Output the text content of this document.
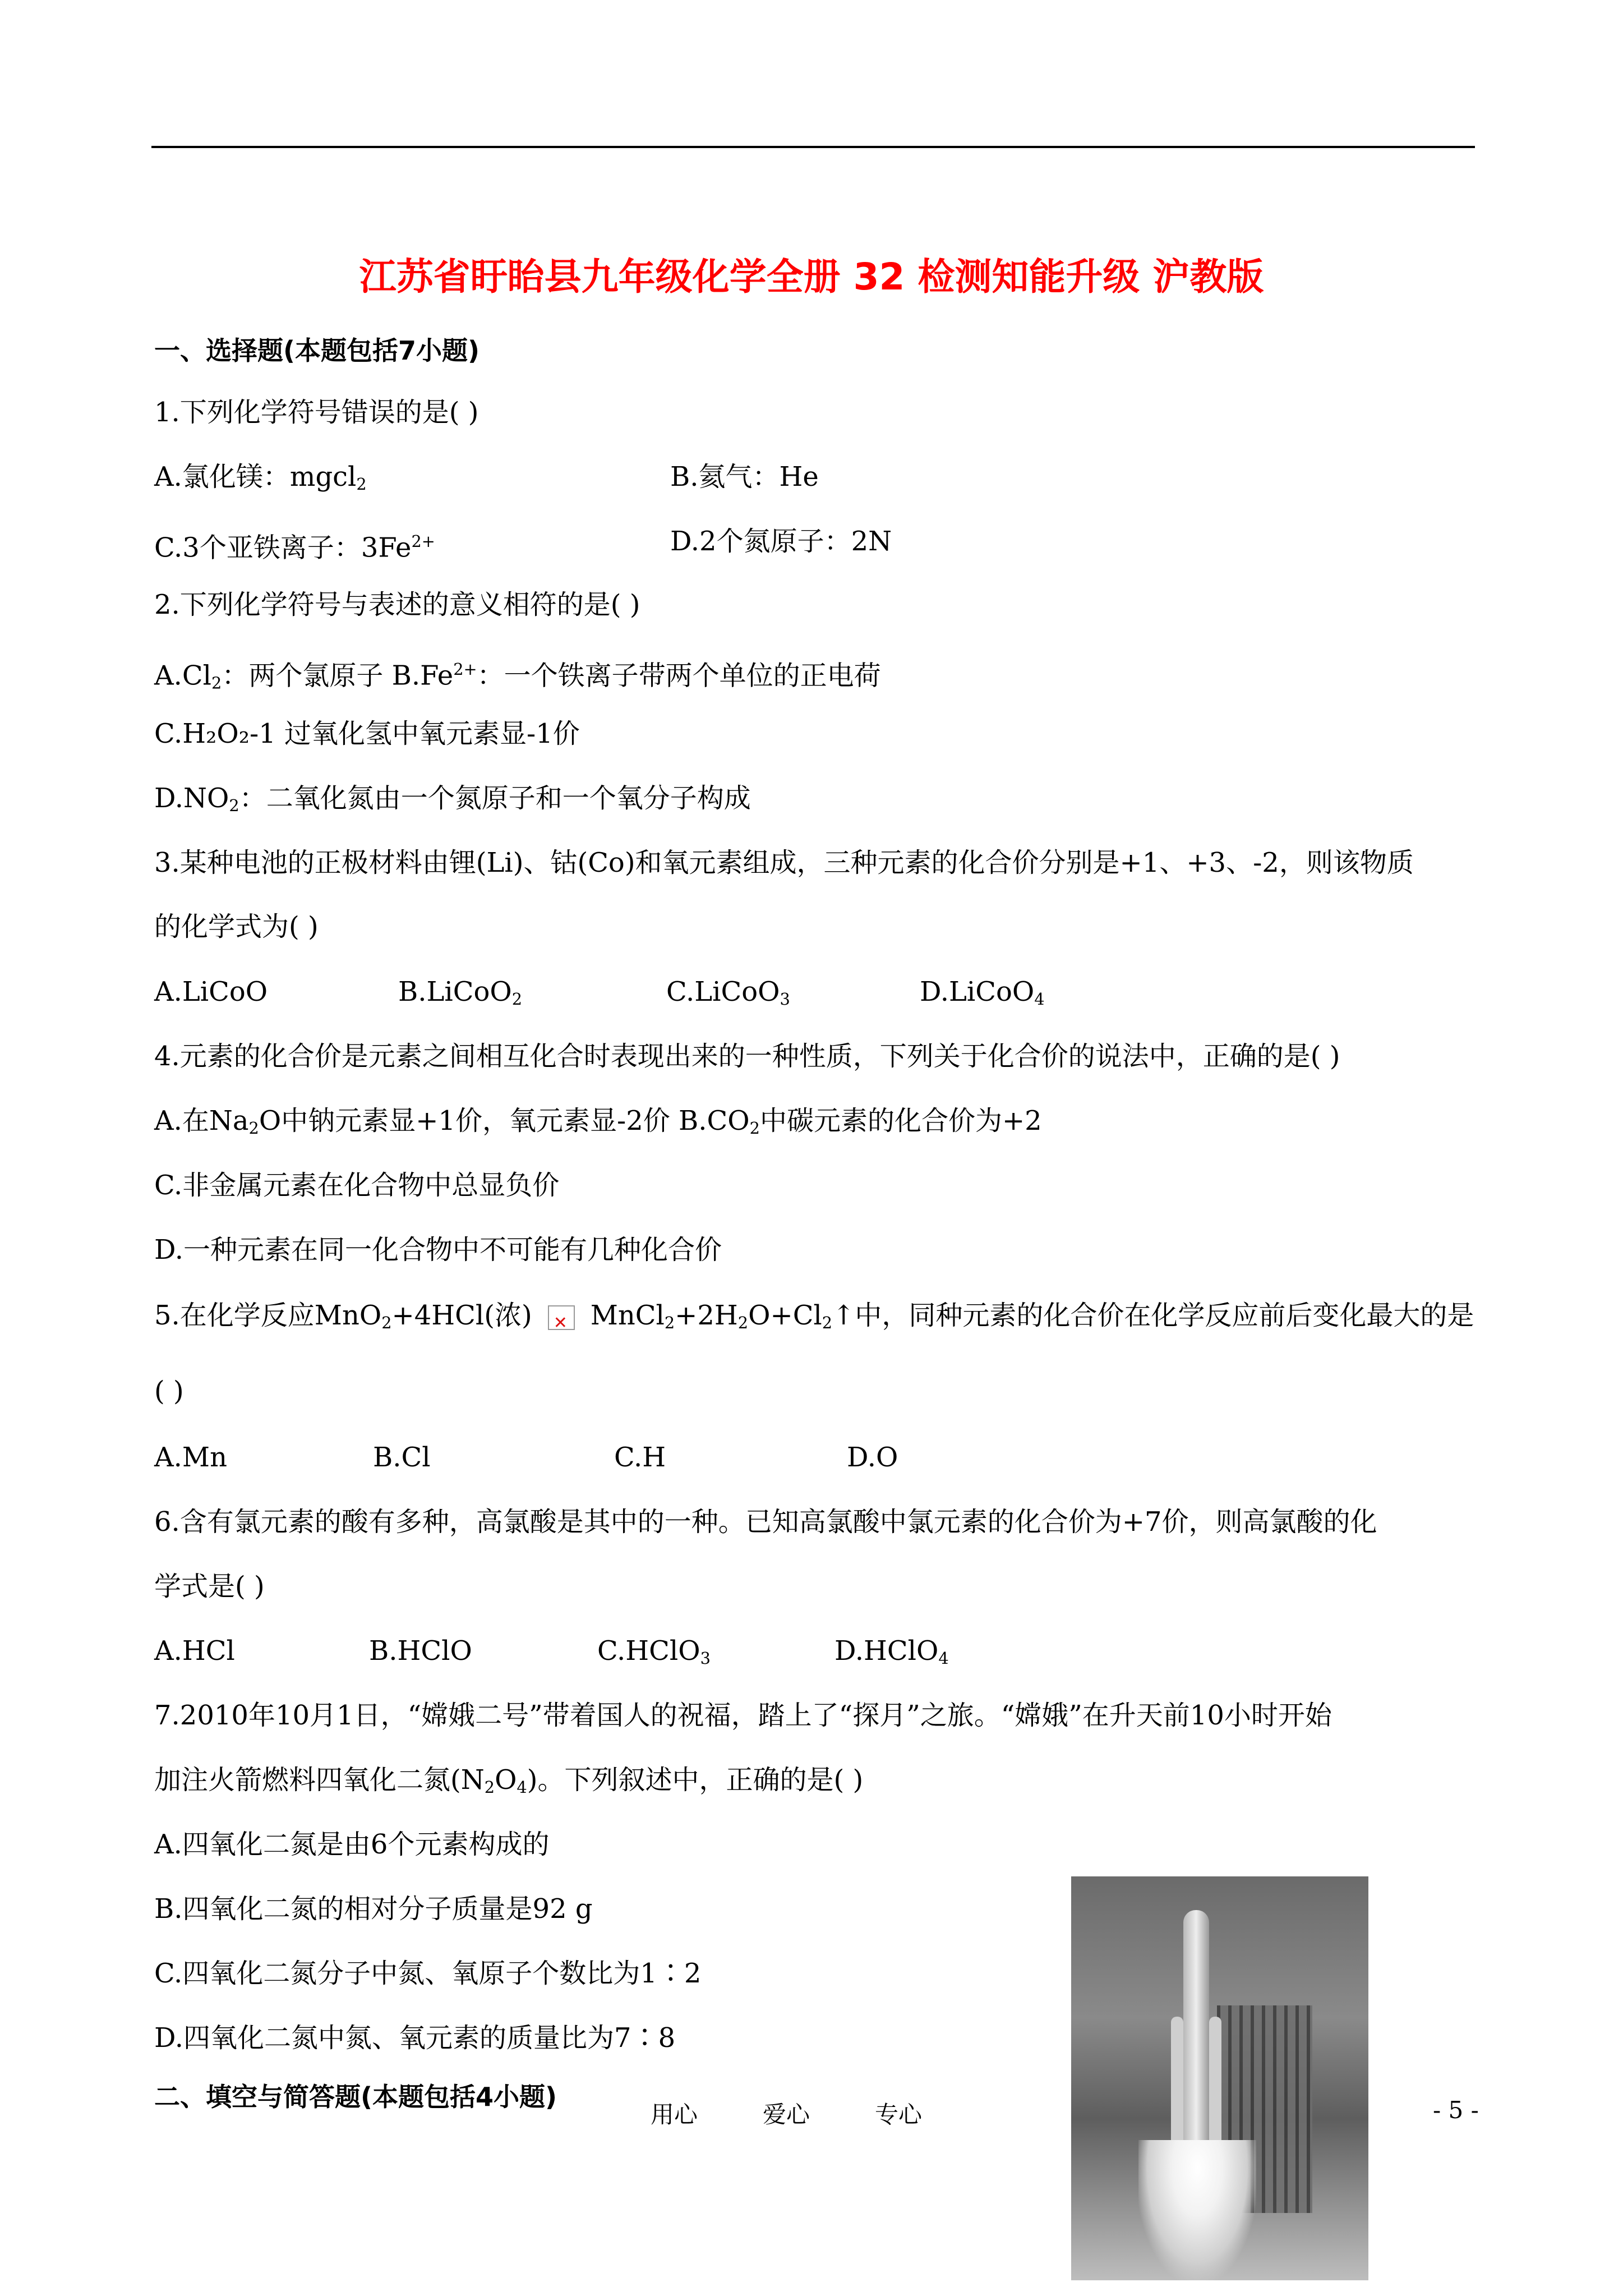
江苏省盱眙县九年级化学全册 32 检测知能升级 沪教版
一、选择题(本题包括7小题)
1.下列化学符号错误的是( )
A.氯化镁：mgcl$_2$	B.氦气：He
C.3个亚铁离子：$3Fe^{2+}$	D.2个氮原子：2N
2.下列化学符号与表述的意义相符的是( )
$A.Cl_2$：两个氯原子 $B.Fe^{2+}$：一个铁离子带两个单位的正电荷
C.H₂O₂-1 过氧化氢中氧元素显-1价
$D.NO_2$：二氧化氮由一个氮原子和一个氧分子构成
3.某种电池的正极材料由锂(Li)、钴(Co)和氧元素组成，三种元素的化合价分别是+1、+3、-2，则该物质
的化学式为( )
A.LiCoO	B.LiCoO$_2$	C.LiCoO$_3$	D.LiCoO$_4$
4.元素的化合价是元素之间相互化合时表现出来的一种性质，下列关于化合价的说法中，正确的是( )
A.在$Na_2O$中钠元素显+1价，氧元素显-2价 $B.CO_2$中碳元素的化合价为+2
C.非金属元素在化合物中总显负价
D.一种元素在同一化合物中不可能有几种化合价
5.在化学反应MnO$_2$+4HCl(浓)✕ $MnCl_2+2H_2O+Cl_2↑$中，同种元素的化合价在化学反应前后变化最大的是
( )
A.Mn	B.Cl	C.H	D.O
6.含有氯元素的酸有多种，高氯酸是其中的一种。已知高氯酸中氯元素的化合价为+7价，则高氯酸的化
学式是( )
A.HCl	B.HClO	C.HClO$_3$	D.HClO$_4$
7.2010年10月1日，“嫦娥二号”带着国人的祝福，踏上了“探月”之旅。“嫦娥”在升天前10小时开始
加注火箭燃料四氧化二氮$(N_2O_4)$。下列叙述中，正确的是( )
A.四氧化二氮是由6个元素构成的
B.四氧化二氮的相对分子质量是92 g
C.四氧化二氮分子中氮、氧原子个数比为1∶2
D.四氧化二氮中氮、氧元素的质量比为7∶8
二、填空与简答题(本题包括4小题)
用心	爱心	专心	- 5 -
